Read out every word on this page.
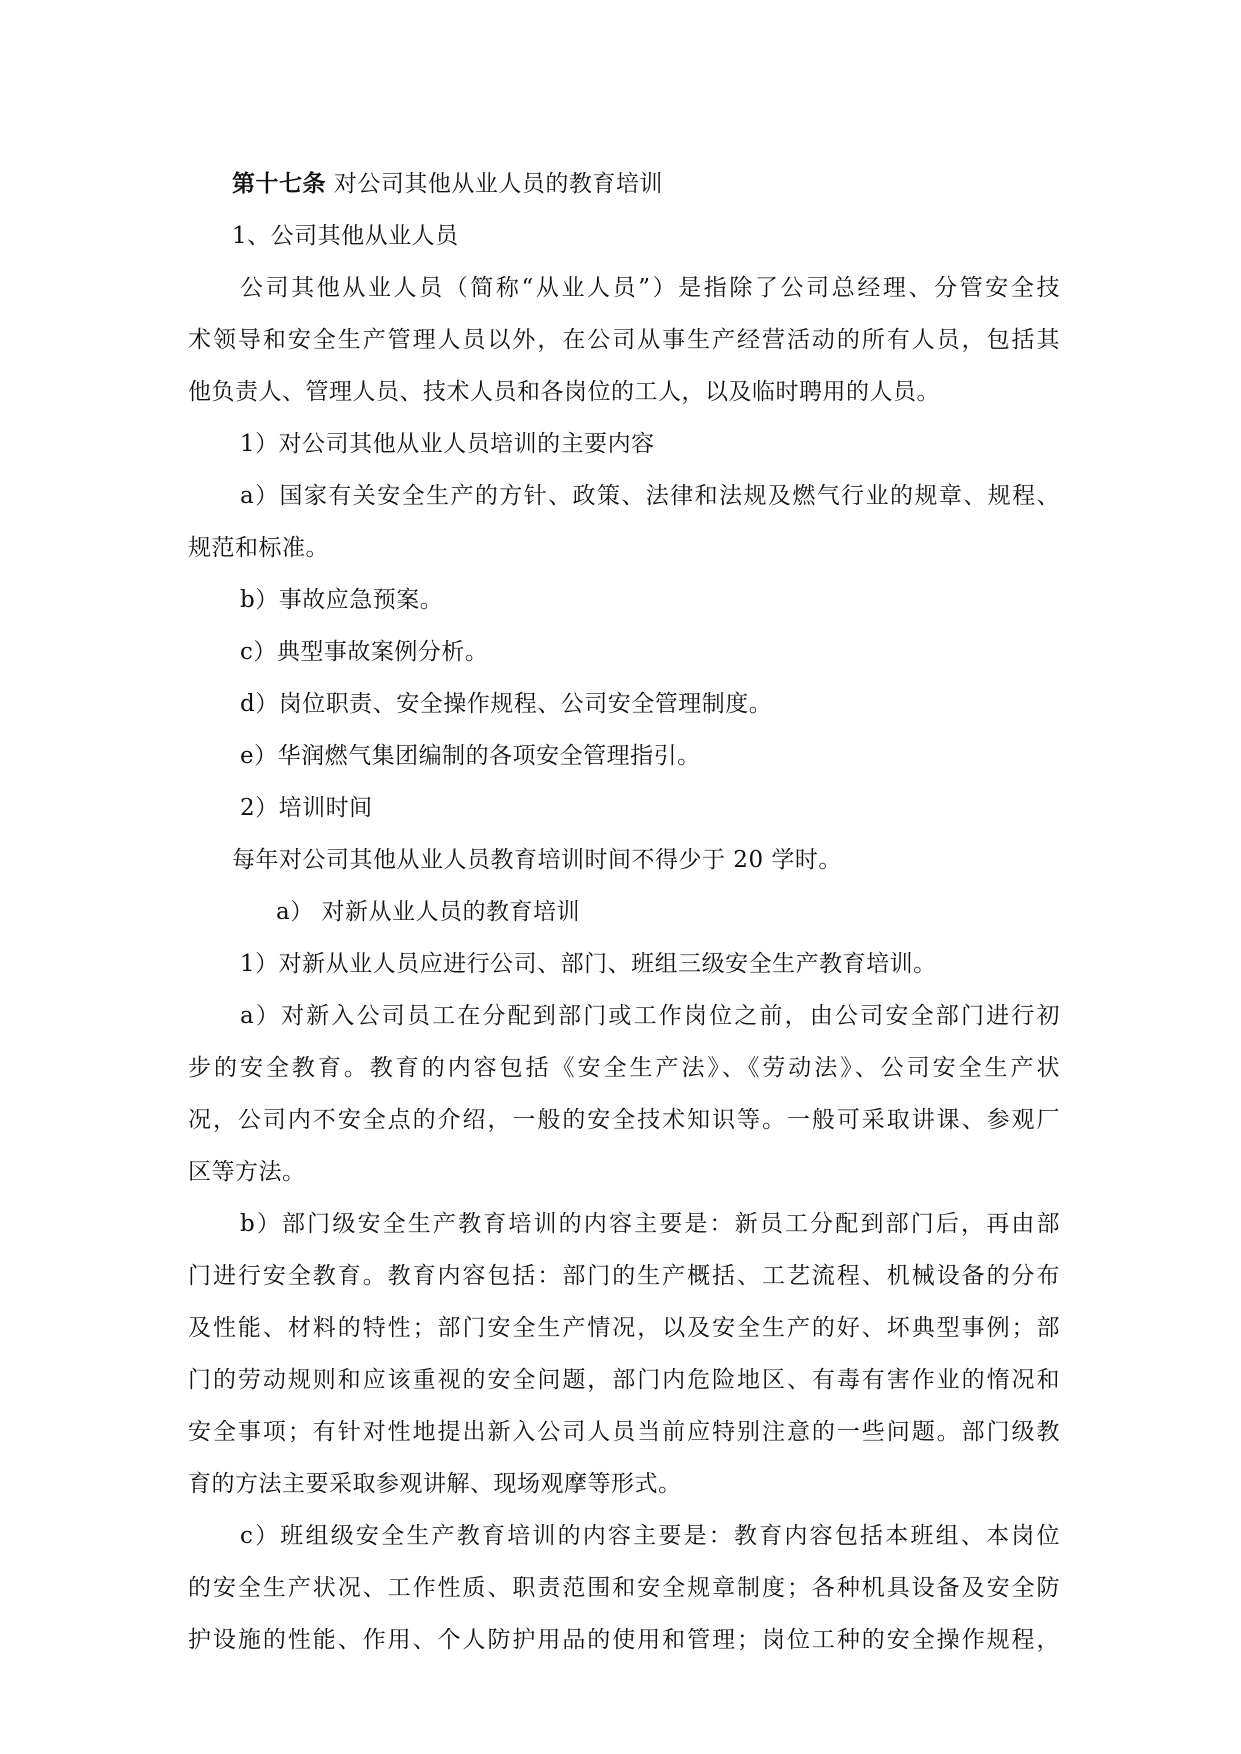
第十七条 对公司其他从业人员的教育培训
1、公司其他从业人员
公司其他从业人员（简称“从业人员”）是指除了公司总经理、分管安全技
术领导和安全生产管理人员以外，在公司从事生产经营活动的所有人员，包括其
他负责人、管理人员、技术人员和各岗位的工人，以及临时聘用的人员。
1）对公司其他从业人员培训的主要内容
a）国家有关安全生产的方针、政策、法律和法规及燃气行业的规章、规程、
规范和标准。
b）事故应急预案。
c）典型事故案例分析。
d）岗位职责、安全操作规程、公司安全管理制度。
e）华润燃气集团编制的各项安全管理指引。
2）培训时间
每年对公司其他从业人员教育培训时间不得少于 20 学时。
a） 对新从业人员的教育培训
1）对新从业人员应进行公司、部门、班组三级安全生产教育培训。
a）对新入公司员工在分配到部门或工作岗位之前，由公司安全部门进行初
步的安全教育。教育的内容包括《安全生产法》、《劳动法》、公司安全生产状
况，公司内不安全点的介绍，一般的安全技术知识等。一般可采取讲课、参观厂
区等方法。
b）部门级安全生产教育培训的内容主要是：新员工分配到部门后，再由部
门进行安全教育。教育内容包括：部门的生产概括、工艺流程、机械设备的分布
及性能、材料的特性；部门安全生产情况，以及安全生产的好、坏典型事例；部
门的劳动规则和应该重视的安全问题，部门内危险地区、有毒有害作业的惰况和
安全事项；有针对性地提出新入公司人员当前应特别注意的一些问题。部门级教
育的方法主要采取参观讲解、现场观摩等形式。
c）班组级安全生产教育培训的内容主要是：教育内容包括本班组、本岗位
的安全生产状况、工作性质、职责范围和安全规章制度；各种机具设备及安全防
护设施的性能、作用、个人防护用品的使用和管理；岗位工种的安全操作规程，
